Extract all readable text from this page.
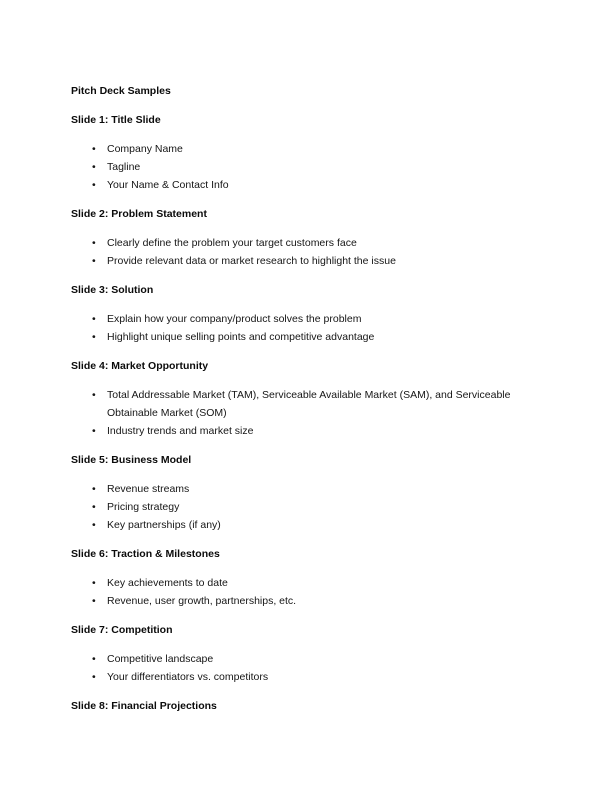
Pitch Deck Samples

Slide 1: Title Slide

• Company Name
• Tagline
• Your Name & Contact Info

Slide 2: Problem Statement

• Clearly define the problem your target customers face
• Provide relevant data or market research to highlight the issue

Slide 3: Solution

• Explain how your company/product solves the problem
• Highlight unique selling points and competitive advantage

Slide 4: Market Opportunity

• Total Addressable Market (TAM), Serviceable Available Market (SAM), and Serviceable Obtainable Market (SOM)
• Industry trends and market size

Slide 5: Business Model

• Revenue streams
• Pricing strategy
• Key partnerships (if any)

Slide 6: Traction & Milestones

• Key achievements to date
• Revenue, user growth, partnerships, etc.

Slide 7: Competition

• Competitive landscape
• Your differentiators vs. competitors

Slide 8: Financial Projections
